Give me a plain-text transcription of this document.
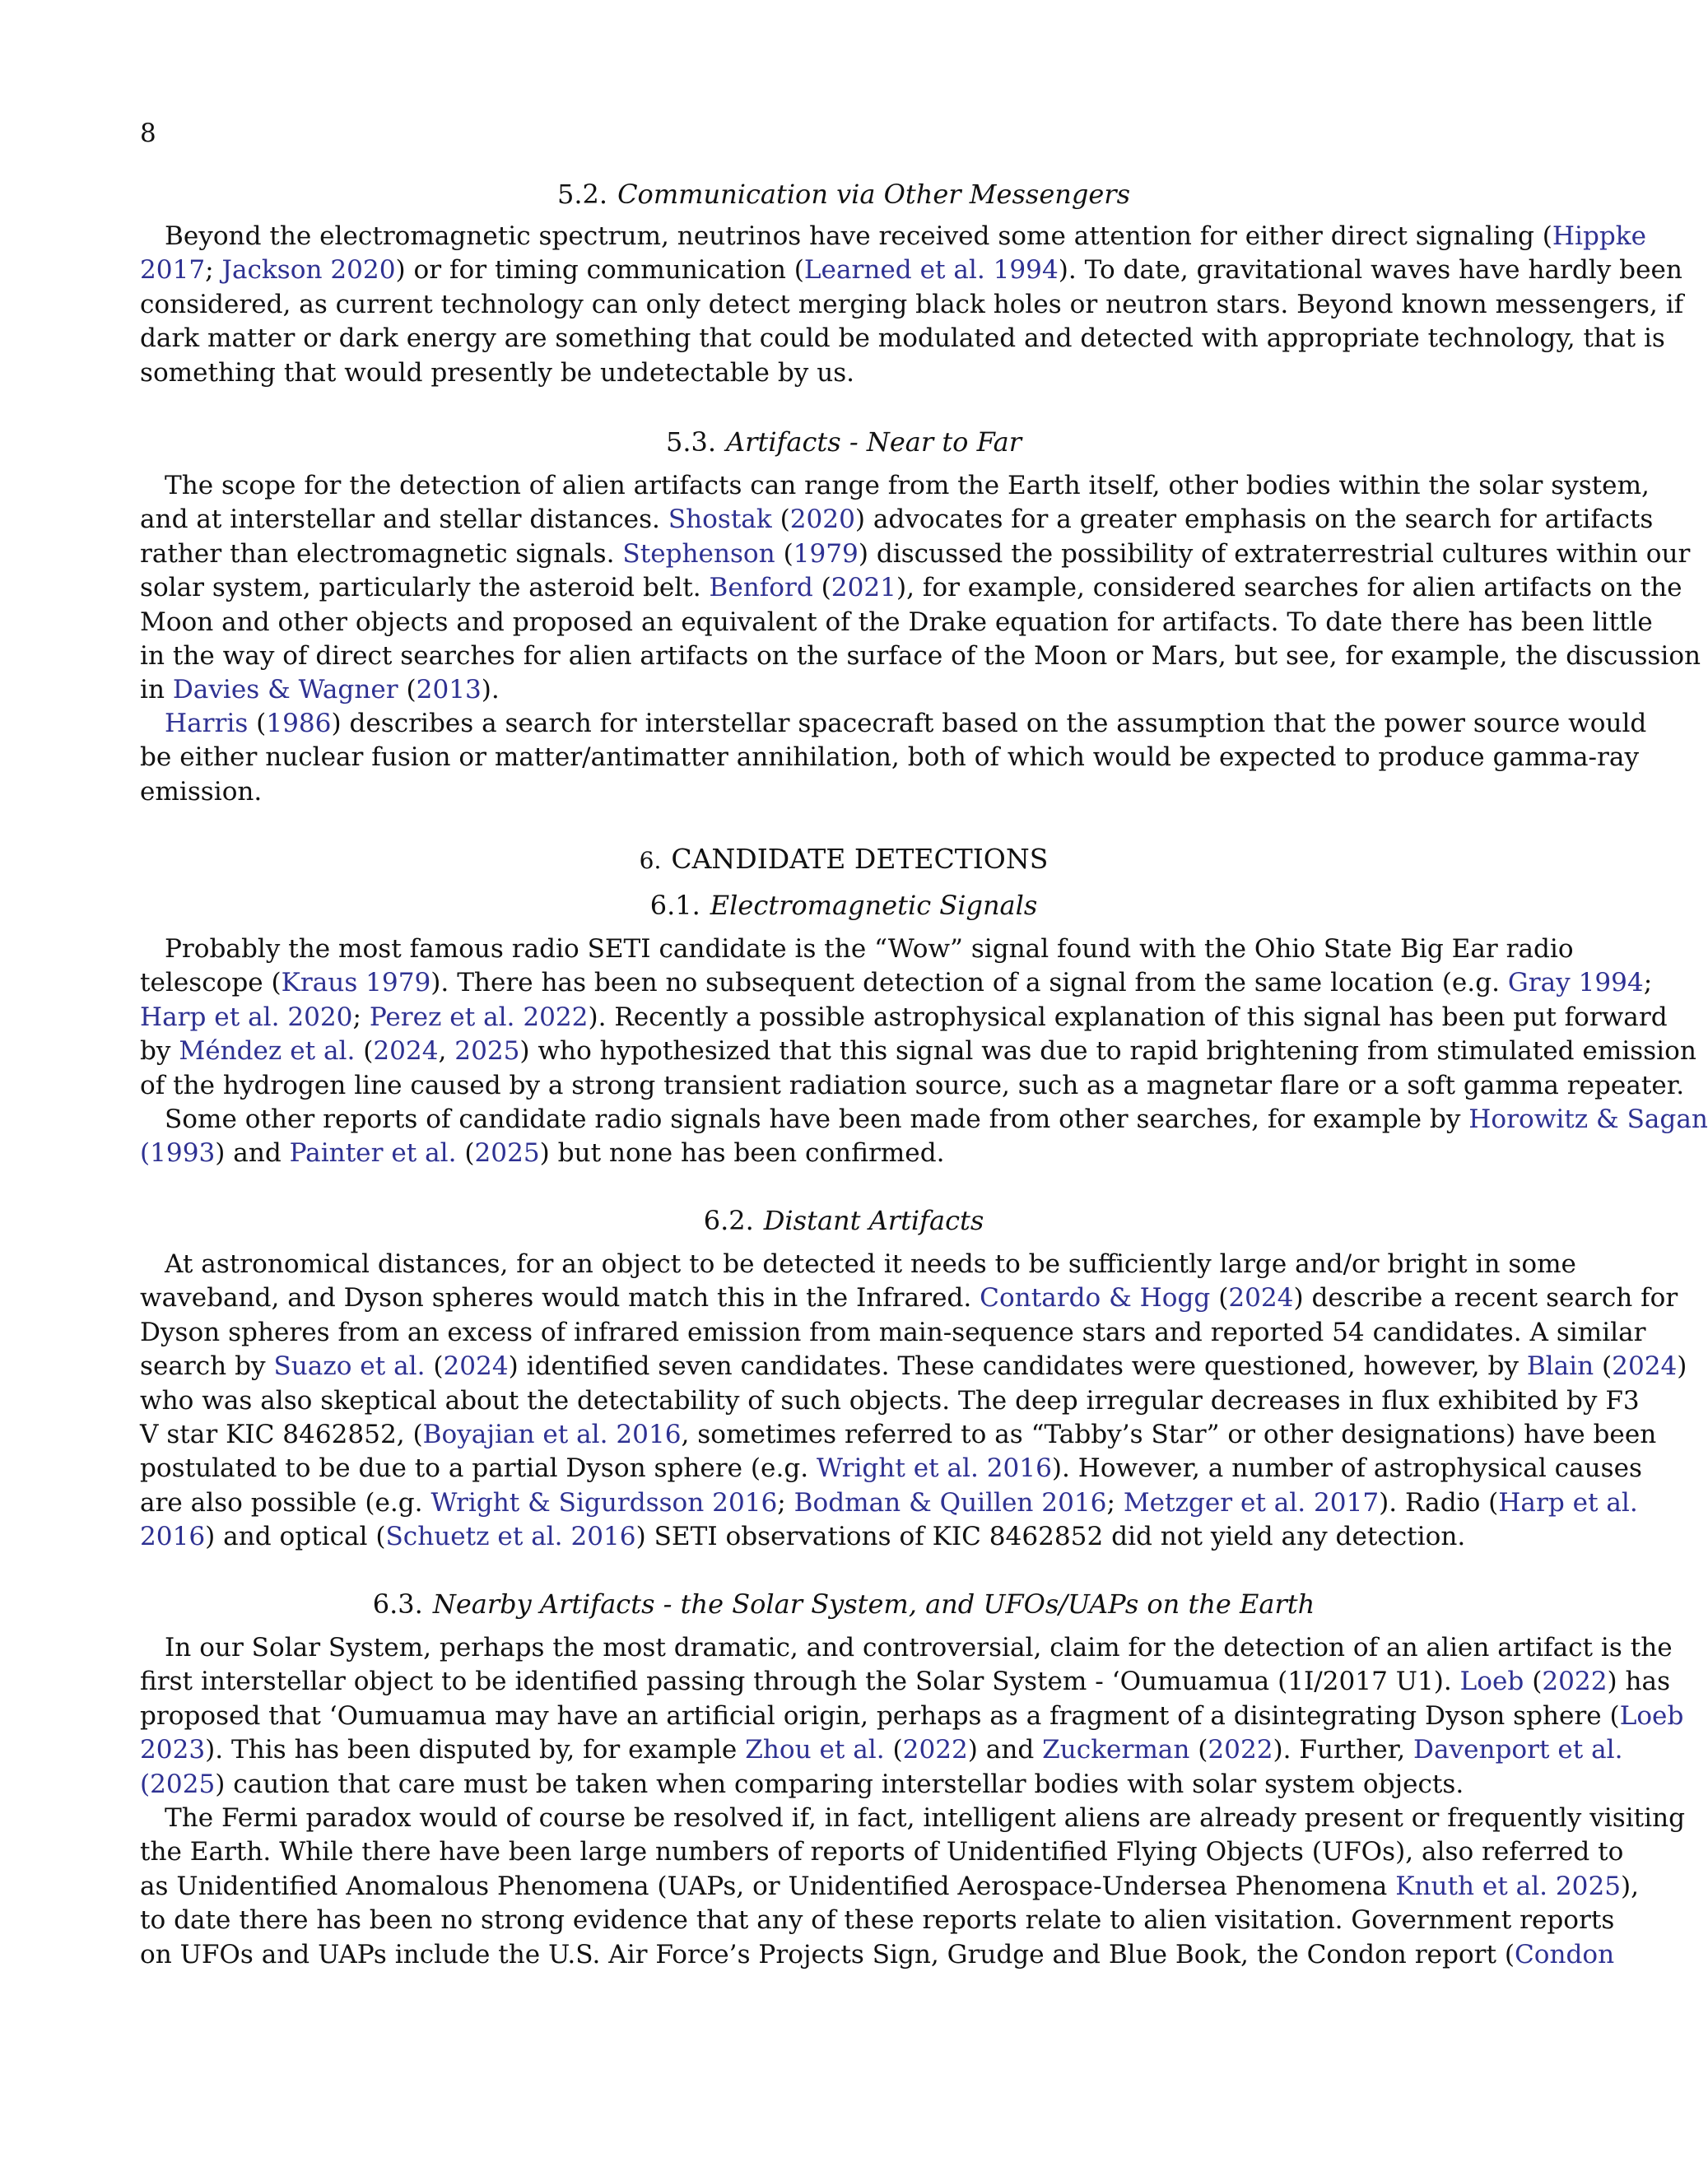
8
5.2. Communication via Other Messengers
Beyond the electromagnetic spectrum, neutrinos have received some attention for either direct signaling (Hippke
2017; Jackson 2020) or for timing communication (Learned et al. 1994). To date, gravitational waves have hardly been
considered, as current technology can only detect merging black holes or neutron stars. Beyond known messengers, if
dark matter or dark energy are something that could be modulated and detected with appropriate technology, that is
something that would presently be undetectable by us.
5.3. Artifacts - Near to Far
The scope for the detection of alien artifacts can range from the Earth itself, other bodies within the solar system,
and at interstellar and stellar distances. Shostak (2020) advocates for a greater emphasis on the search for artifacts
rather than electromagnetic signals. Stephenson (1979) discussed the possibility of extraterrestrial cultures within our
solar system, particularly the asteroid belt. Benford (2021), for example, considered searches for alien artifacts on the
Moon and other objects and proposed an equivalent of the Drake equation for artifacts. To date there has been little
in the way of direct searches for alien artifacts on the surface of the Moon or Mars, but see, for example, the discussion
in Davies & Wagner (2013).
Harris (1986) describes a search for interstellar spacecraft based on the assumption that the power source would
be either nuclear fusion or matter/antimatter annihilation, both of which would be expected to produce gamma-ray
emission.
6. CANDIDATE DETECTIONS
6.1. Electromagnetic Signals
Probably the most famous radio SETI candidate is the “Wow” signal found with the Ohio State Big Ear radio
telescope (Kraus 1979). There has been no subsequent detection of a signal from the same location (e.g. Gray 1994;
Harp et al. 2020; Perez et al. 2022). Recently a possible astrophysical explanation of this signal has been put forward
by Méndez et al. (2024, 2025) who hypothesized that this signal was due to rapid brightening from stimulated emission
of the hydrogen line caused by a strong transient radiation source, such as a magnetar flare or a soft gamma repeater.
Some other reports of candidate radio signals have been made from other searches, for example by Horowitz & Sagan
(1993) and Painter et al. (2025) but none has been confirmed.
6.2. Distant Artifacts
At astronomical distances, for an object to be detected it needs to be sufficiently large and/or bright in some
waveband, and Dyson spheres would match this in the Infrared. Contardo & Hogg (2024) describe a recent search for
Dyson spheres from an excess of infrared emission from main-sequence stars and reported 54 candidates. A similar
search by Suazo et al. (2024) identified seven candidates. These candidates were questioned, however, by Blain (2024)
who was also skeptical about the detectability of such objects. The deep irregular decreases in flux exhibited by F3
V star KIC 8462852, (Boyajian et al. 2016, sometimes referred to as “Tabby’s Star” or other designations) have been
postulated to be due to a partial Dyson sphere (e.g. Wright et al. 2016). However, a number of astrophysical causes
are also possible (e.g. Wright & Sigurdsson 2016; Bodman & Quillen 2016; Metzger et al. 2017). Radio (Harp et al.
2016) and optical (Schuetz et al. 2016) SETI observations of KIC 8462852 did not yield any detection.
6.3. Nearby Artifacts - the Solar System, and UFOs/UAPs on the Earth
In our Solar System, perhaps the most dramatic, and controversial, claim for the detection of an alien artifact is the
first interstellar object to be identified passing through the Solar System - ‘Oumuamua (1I/2017 U1). Loeb (2022) has
proposed that ‘Oumuamua may have an artificial origin, perhaps as a fragment of a disintegrating Dyson sphere (Loeb
2023). This has been disputed by, for example Zhou et al. (2022) and Zuckerman (2022). Further, Davenport et al.
(2025) caution that care must be taken when comparing interstellar bodies with solar system objects.
The Fermi paradox would of course be resolved if, in fact, intelligent aliens are already present or frequently visiting
the Earth. While there have been large numbers of reports of Unidentified Flying Objects (UFOs), also referred to
as Unidentified Anomalous Phenomena (UAPs, or Unidentified Aerospace-Undersea Phenomena Knuth et al. 2025),
to date there has been no strong evidence that any of these reports relate to alien visitation. Government reports
on UFOs and UAPs include the U.S. Air Force’s Projects Sign, Grudge and Blue Book, the Condon report (Condon
